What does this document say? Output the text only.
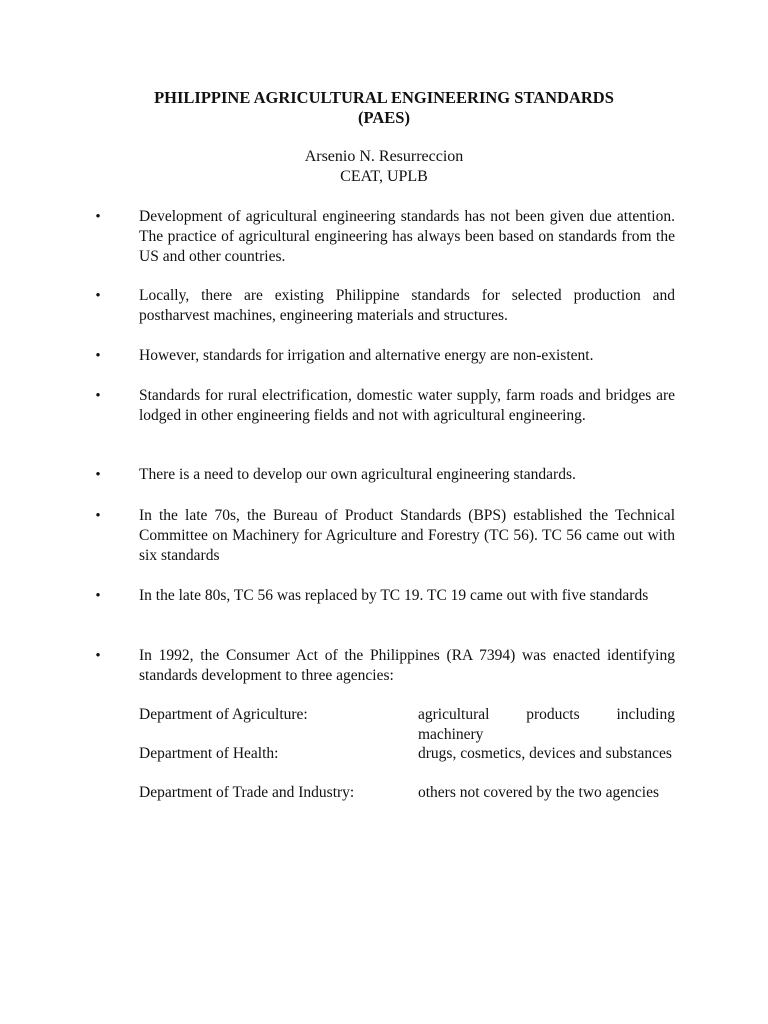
PHILIPPINE AGRICULTURAL ENGINEERING STANDARDS
(PAES)
Arsenio N. Resurreccion
CEAT, UPLB
• Development of agricultural engineering standards has not been given due attention. The practice of agricultural engineering has always been based on standards from the US and other countries.
• Locally, there are existing Philippine standards for selected production and postharvest machines, engineering materials and structures.
• However, standards for irrigation and alternative energy are non-existent.
• Standards for rural electrification, domestic water supply, farm roads and bridges are lodged in other engineering fields and not with agricultural engineering.
• There is a need to develop our own agricultural engineering standards.
• In the late 70s, the Bureau of Product Standards (BPS) established the Technical Committee on Machinery for Agriculture and Forestry (TC 56). TC 56 came out with six standards
• In the late 80s, TC 56 was replaced by TC 19. TC 19 came out with five standards
• In 1992, the Consumer Act of the Philippines (RA 7394) was enacted identifying standards development to three agencies:
Department of Agriculture:	agricultural products including machinery
Department of Health:	drugs, cosmetics, devices and substances
Department of Trade and Industry:	others not covered by the two agencies
